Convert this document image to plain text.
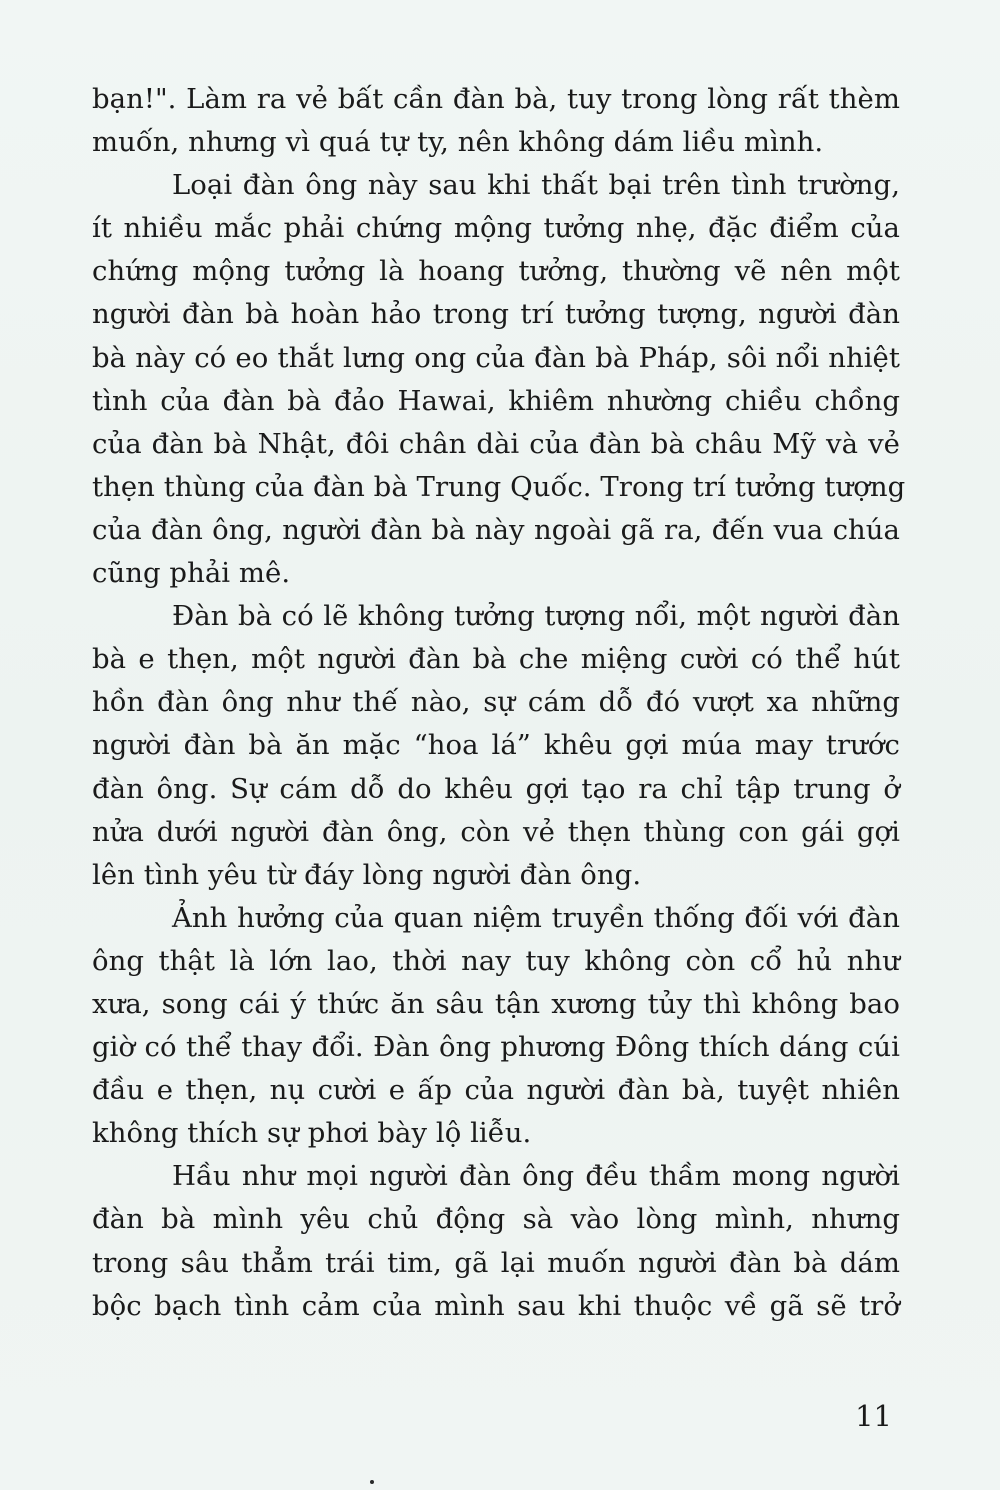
bạn!". Làm ra vẻ bất cần đàn bà, tuy trong lòng rất thèm
muốn, nhưng vì quá tự ty, nên không dám liều mình.
Loại đàn ông này sau khi thất bại trên tình trường,
ít nhiều mắc phải chứng mộng tưởng nhẹ, đặc điểm của
chứng mộng tưởng là hoang tưởng, thường vẽ nên một
người đàn bà hoàn hảo trong trí tưởng tượng, người đàn
bà này có eo thắt lưng ong của đàn bà Pháp, sôi nổi nhiệt
tình của đàn bà đảo Hawai, khiêm nhường chiều chồng
của đàn bà Nhật, đôi chân dài của đàn bà châu Mỹ và vẻ
thẹn thùng của đàn bà Trung Quốc. Trong trí tưởng tượng
của đàn ông, người đàn bà này ngoài gã ra, đến vua chúa
cũng phải mê.
Đàn bà có lẽ không tưởng tượng nổi, một người đàn
bà e thẹn, một người đàn bà che miệng cười có thể hút
hồn đàn ông như thế nào, sự cám dỗ đó vượt xa những
người đàn bà ăn mặc “hoa lá” khêu gợi múa may trước
đàn ông. Sự cám dỗ do khêu gợi tạo ra chỉ tập trung ở
nửa dưới người đàn ông, còn vẻ thẹn thùng con gái gợi
lên tình yêu từ đáy lòng người đàn ông.
Ảnh hưởng của quan niệm truyền thống đối với đàn
ông thật là lớn lao, thời nay tuy không còn cổ hủ như
xưa, song cái ý thức ăn sâu tận xương tủy thì không bao
giờ có thể thay đổi. Đàn ông phương Đông thích dáng cúi
đầu e thẹn, nụ cười e ấp của người đàn bà, tuyệt nhiên
không thích sự phơi bày lộ liễu.
Hầu như mọi người đàn ông đều thầm mong người
đàn bà mình yêu chủ động sà vào lòng mình, nhưng
trong sâu thẳm trái tim, gã lại muốn người đàn bà dám
bộc bạch tình cảm của mình sau khi thuộc về gã sẽ trở
11
